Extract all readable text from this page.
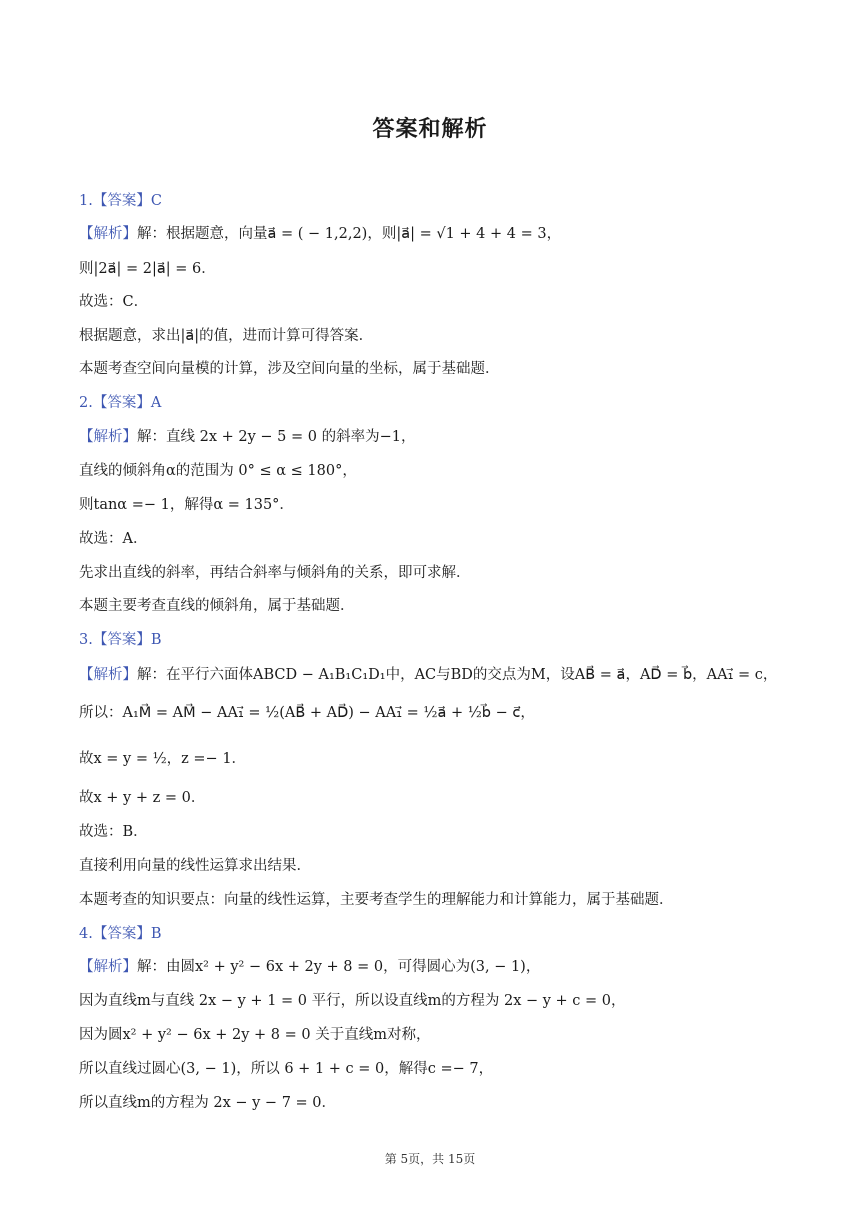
答案和解析
1.【答案】C
【解析】解：根据题意，向量a⃗ = ( − 1,2,2)，则|a⃗| = √1 + 4 + 4 = 3，
则|2a⃗| = 2|a⃗| = 6．
故选：C．
根据题意，求出|a⃗|的值，进而计算可得答案．
本题考查空间向量模的计算，涉及空间向量的坐标，属于基础题．
2.【答案】A
【解析】解：直线 2x + 2y − 5 = 0 的斜率为−1，
直线的倾斜角α的范围为 0° ≤ α ≤ 180°，
则tanα =− 1，解得α = 135°．
故选：A．
先求出直线的斜率，再结合斜率与倾斜角的关系，即可求解．
本题主要考查直线的倾斜角，属于基础题．
3.【答案】B
【解析】解：在平行六面体ABCD − A₁B₁C₁D₁中，AC与BD的交点为M，设AB⃗ = a⃗，AD⃗ = b⃗，AA₁⃗ = c，
所以：A₁M⃗ = AM⃗ − AA₁⃗ = ½(AB⃗ + AD⃗) − AA₁⃗ = ½a⃗ + ½b⃗ − c⃗，
故x = y = ½，z =− 1．
故x + y + z = 0．
故选：B．
直接利用向量的线性运算求出结果．
本题考查的知识要点：向量的线性运算，主要考查学生的理解能力和计算能力，属于基础题．
4.【答案】B
【解析】解：由圆x² + y² − 6x + 2y + 8 = 0，可得圆心为(3, − 1)，
因为直线m与直线 2x − y + 1 = 0 平行，所以设直线m的方程为 2x − y + c = 0，
因为圆x² + y² − 6x + 2y + 8 = 0 关于直线m对称，
所以直线过圆心(3, − 1)，所以 6 + 1 + c = 0，解得c =− 7，
所以直线m的方程为 2x − y − 7 = 0．
第 5页，共 15页
